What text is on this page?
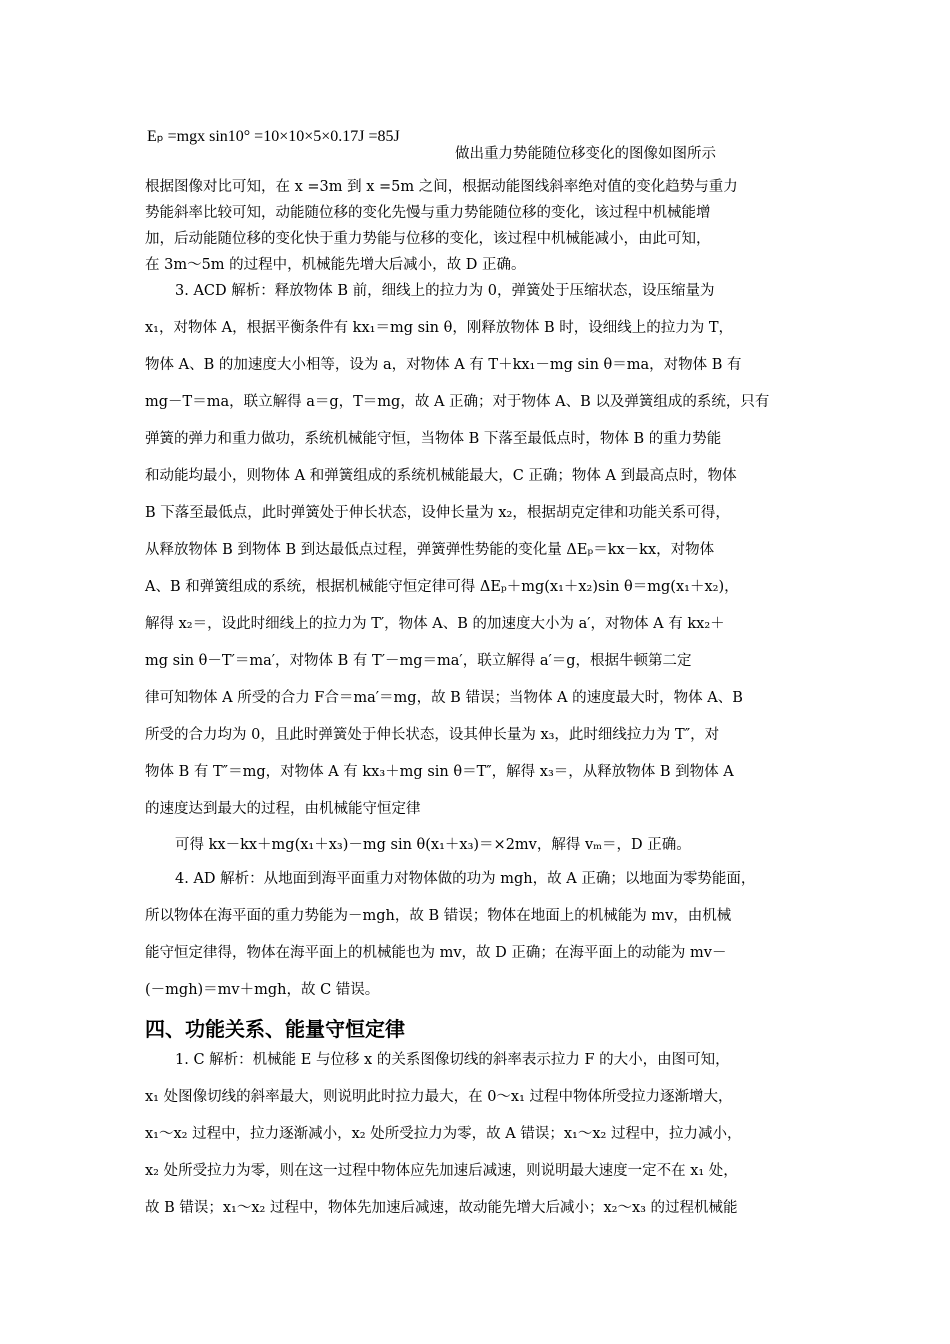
Eₚ =mgx sin10° =10×10×5×0.17J =85J
做出重力势能随位移变化的图像如图所示
根据图像对比可知，在 x =3m 到 x =5m 之间，根据动能图线斜率绝对值的变化趋势与重力
势能斜率比较可知，动能随位移的变化先慢与重力势能随位移的变化，该过程中机械能增
加，后动能随位移的变化快于重力势能与位移的变化，该过程中机械能减小，由此可知，
在 3m～5m 的过程中，机械能先增大后减小，故 D 正确。
3. ACD 解析：释放物体 B 前，细线上的拉力为 0，弹簧处于压缩状态，设压缩量为
x₁，对物体 A，根据平衡条件有 kx₁＝mg sin θ，刚释放物体 B 时，设细线上的拉力为 T，
物体 A、B 的加速度大小相等，设为 a，对物体 A 有 T＋kx₁－mg sin θ＝ma，对物体 B 有
mg－T＝ma，联立解得 a＝g，T＝mg，故 A 正确；对于物体 A、B 以及弹簧组成的系统，只有
弹簧的弹力和重力做功，系统机械能守恒，当物体 B 下落至最低点时，物体 B 的重力势能
和动能均最小，则物体 A 和弹簧组成的系统机械能最大，C 正确；物体 A 到最高点时，物体
B 下落至最低点，此时弹簧处于伸长状态，设伸长量为 x₂，根据胡克定律和功能关系可得，
从释放物体 B 到物体 B 到达最低点过程，弹簧弹性势能的变化量 ΔEₚ＝kx－kx，对物体
A、B 和弹簧组成的系统，根据机械能守恒定律可得 ΔEₚ＋mg(x₁＋x₂)sin θ＝mg(x₁＋x₂)，
解得 x₂＝，设此时细线上的拉力为 T′，物体 A、B 的加速度大小为 a′，对物体 A 有 kx₂＋
mg sin θ－T′＝ma′，对物体 B 有 T′－mg＝ma′，联立解得 a′＝g，根据牛顿第二定
律可知物体 A 所受的合力 F合＝ma′＝mg，故 B 错误；当物体 A 的速度最大时，物体 A、B
所受的合力均为 0，且此时弹簧处于伸长状态，设其伸长量为 x₃，此时细线拉力为 T″，对
物体 B 有 T″＝mg，对物体 A 有 kx₃＋mg sin θ＝T″，解得 x₃＝，从释放物体 B 到物体 A
的速度达到最大的过程，由机械能守恒定律
可得 kx－kx＋mg(x₁＋x₃)－mg sin θ(x₁＋x₃)＝×2mv，解得 vₘ＝，D 正确。
4. AD 解析：从地面到海平面重力对物体做的功为 mgh，故 A 正确；以地面为零势能面，
所以物体在海平面的重力势能为－mgh，故 B 错误；物体在地面上的机械能为 mv，由机械
能守恒定律得，物体在海平面上的机械能也为 mv，故 D 正确；在海平面上的动能为 mv－
(－mgh)＝mv＋mgh，故 C 错误。
四、功能关系、能量守恒定律
1. C 解析：机械能 E 与位移 x 的关系图像切线的斜率表示拉力 F 的大小，由图可知，
x₁ 处图像切线的斜率最大，则说明此时拉力最大，在 0～x₁ 过程中物体所受拉力逐渐增大，
x₁～x₂ 过程中，拉力逐渐减小，x₂ 处所受拉力为零，故 A 错误；x₁～x₂ 过程中，拉力减小，
x₂ 处所受拉力为零，则在这一过程中物体应先加速后减速，则说明最大速度一定不在 x₁ 处，
故 B 错误；x₁～x₂ 过程中，物体先加速后减速，故动能先增大后减小；x₂～x₃ 的过程机械能
